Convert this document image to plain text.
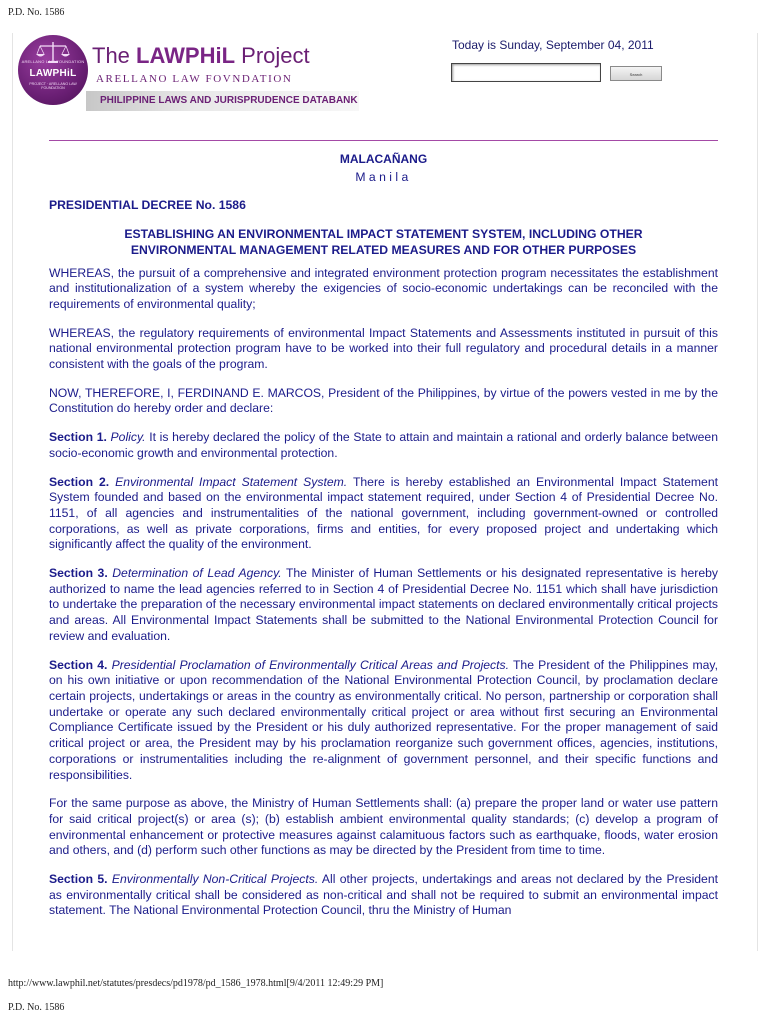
P.D. No. 1586
ARELLANO LAW FOUNDATION
LAWPHiL
PROJECT · ARELLANO LAW FOUNDATION
The LAWPHiL Project
ARELLANO LAW FOVNDATION
PHILIPPINE LAWS AND JURISPRUDENCE DATABANK
Today is Sunday, September 04, 2011
Search
MALACAÑANG
Manila
PRESIDENTIAL DECREE No. 1586
ESTABLISHING AN ENVIRONMENTAL IMPACT STATEMENT SYSTEM, INCLUDING OTHER
ENVIRONMENTAL MANAGEMENT RELATED MEASURES AND FOR OTHER PURPOSES

WHEREAS, the pursuit of a comprehensive and integrated environment protection program necessitates the establishment and institutionalization of a system whereby the exigencies of socio-economic undertakings can be reconciled with the requirements of environmental quality;

WHEREAS, the regulatory requirements of environmental Impact Statements and Assessments instituted in pursuit of this national environmental protection program have to be worked into their full regulatory and procedural details in a manner consistent with the goals of the program.

NOW, THEREFORE, I, FERDINAND E. MARCOS, President of the Philippines, by virtue of the powers vested in me by the Constitution do hereby order and declare:

Section 1. Policy. It is hereby declared the policy of the State to attain and maintain a rational and orderly balance between socio-economic growth and environmental protection.

Section 2. Environmental Impact Statement System. There is hereby established an Environmental Impact Statement System founded and based on the environmental impact statement required, under Section 4 of Presidential Decree No. 1151, of all agencies and instrumentalities of the national government, including government-owned or controlled corporations, as well as private corporations, firms and entities, for every proposed project and undertaking which significantly affect the quality of the environment.

Section 3. Determination of Lead Agency. The Minister of Human Settlements or his designated representative is hereby authorized to name the lead agencies referred to in Section 4 of Presidential Decree No. 1151 which shall have jurisdiction to undertake the preparation of the necessary environmental impact statements on declared environmentally critical projects and areas. All Environmental Impact Statements shall be submitted to the National Environmental Protection Council for review and evaluation.

Section 4. Presidential Proclamation of Environmentally Critical Areas and Projects. The President of the Philippines may, on his own initiative or upon recommendation of the National Environmental Protection Council, by proclamation declare certain projects, undertakings or areas in the country as environmentally critical. No person, partnership or corporation shall undertake or operate any such declared environmentally critical project or area without first securing an Environmental Compliance Certificate issued by the President or his duly authorized representative. For the proper management of said critical project or area, the President may by his proclamation reorganize such government offices, agencies, institutions, corporations or instrumentalities including the re-alignment of government personnel, and their specific functions and responsibilities.

For the same purpose as above, the Ministry of Human Settlements shall: (a) prepare the proper land or water use pattern for said critical project(s) or area (s); (b) establish ambient environmental quality standards; (c) develop a program of environmental enhancement or protective measures against calamituous factors such as earthquake, floods, water erosion and others, and (d) perform such other functions as may be directed by the President from time to time.

Section 5. Environmentally Non-Critical Projects. All other projects, undertakings and areas not declared by the President as environmentally critical shall be considered as non-critical and shall not be required to submit an environmental impact statement. The National Environmental Protection Council, thru the Ministry of Human

http://www.lawphil.net/statutes/presdecs/pd1978/pd_1586_1978.html[9/4/2011 12:49:29 PM]
P.D. No. 1586
